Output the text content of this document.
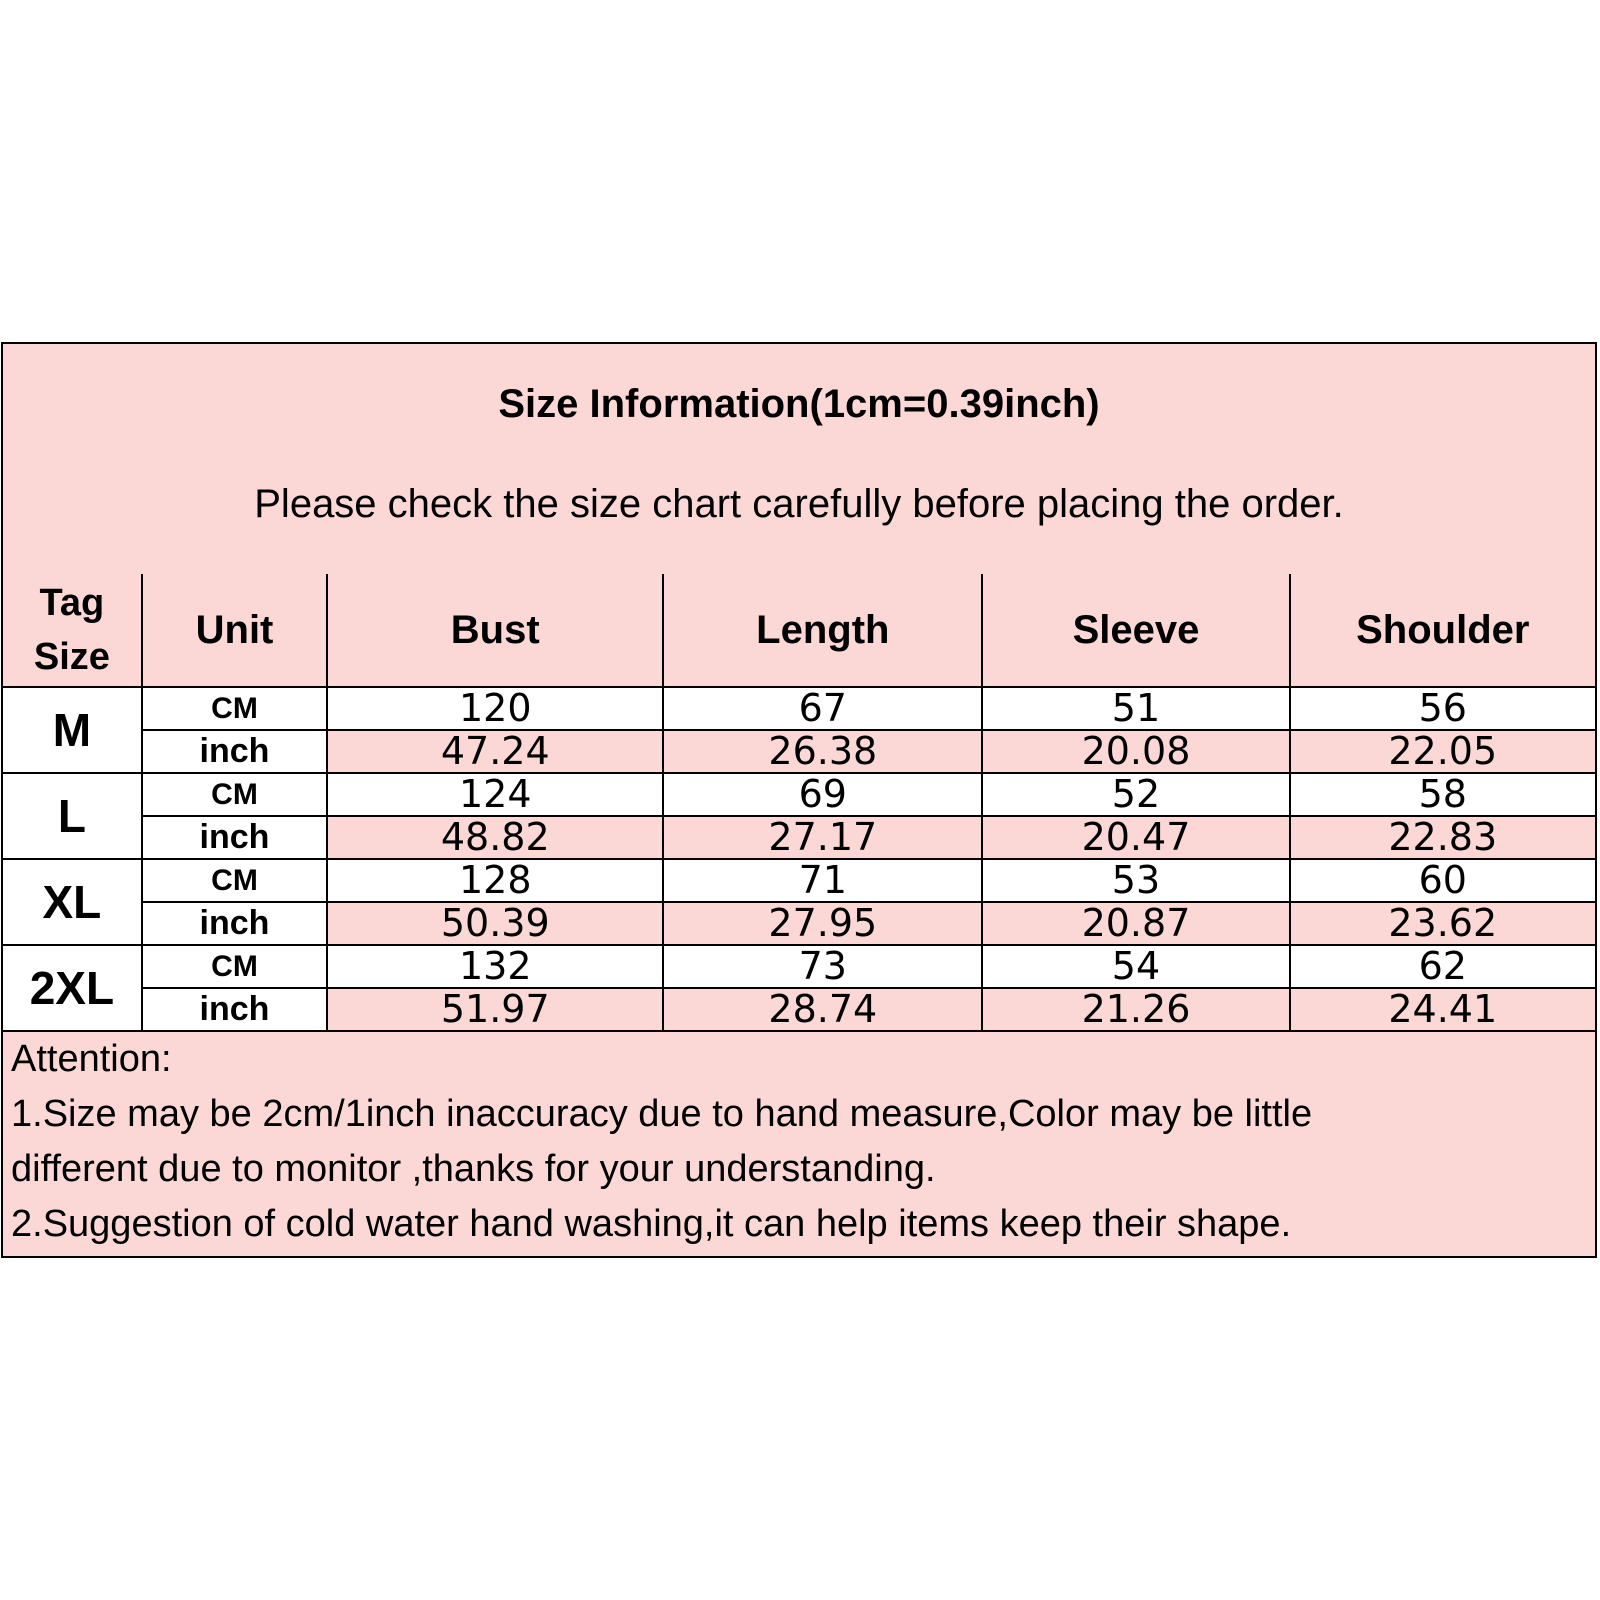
Size Information(1cm=0.39inch)
Please check the size chart carefully before placing the order.
Tag Size	Unit	Bust	Length	Sleeve	Shoulder
M	CM	120	67	51	56
	inch	47.24	26.38	20.08	22.05
L	CM	124	69	52	58
	inch	48.82	27.17	20.47	22.83
XL	CM	128	71	53	60
	inch	50.39	27.95	20.87	23.62
2XL	CM	132	73	54	62
	inch	51.97	28.74	21.26	24.41
Attention:
1.Size may be 2cm/1inch inaccuracy due to hand measure,Color may be little
different due to monitor ,thanks for your understanding.
2.Suggestion of cold water hand washing,it can help items keep their shape.
